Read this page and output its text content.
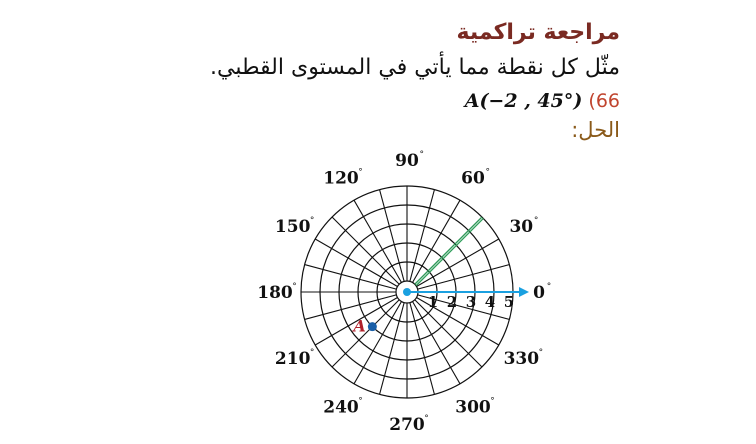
مراجعة تراكمية
مثّل كل نقطة مما يأتي في المستوى القطبي.
A(−2 , 45°) (66
الحل:
1 2 3 4 5 0 °
30 °
60 °
90 °
120 °
150 °
180 °
210 °
240 °
270 °
300 °
330 °
A
